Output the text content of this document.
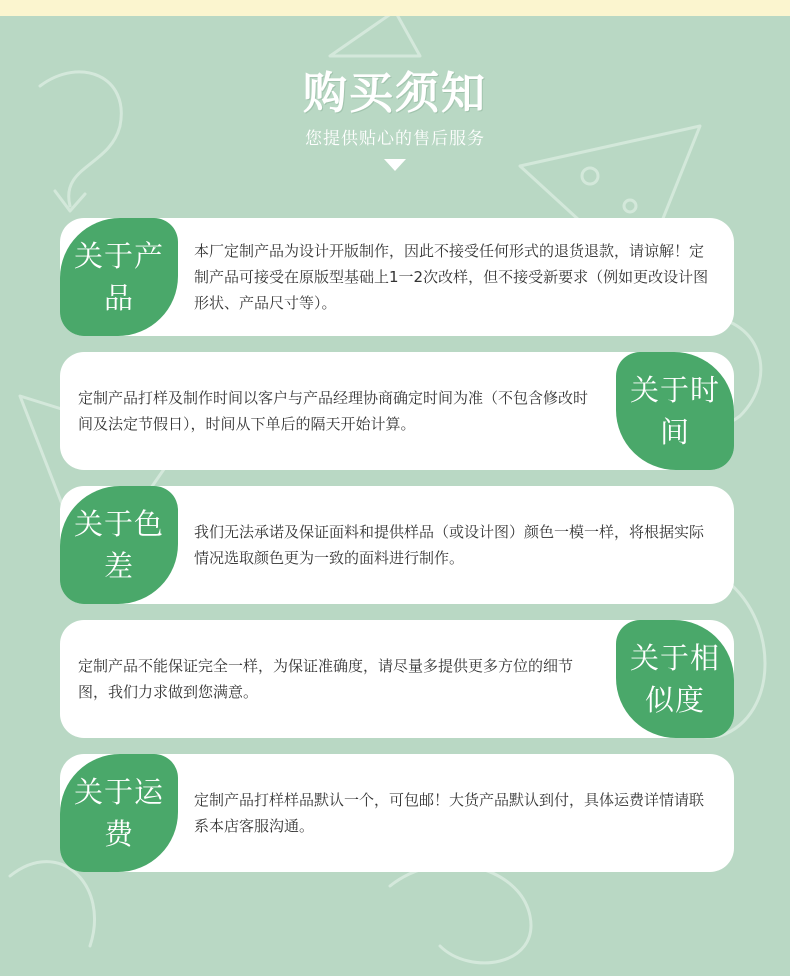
购买须知
您提供贴心的售后服务
关于产品
本厂定制产品为设计开版制作，因此不接受任何形式的退货退款，请谅解！定制产品可接受在原版型基础上1一2次改样，但不接受新要求（例如更改设计图形状、产品尺寸等）。
定制产品打样及制作时间以客户与产品经理协商确定时间为准（不包含修改时间及法定节假日），时间从下单后的隔天开始计算。
关于时间
关于色差
我们无法承诺及保证面料和提供样品（或设计图）颜色一模一样，将根据实际情况选取颜色更为一致的面料进行制作。
定制产品不能保证完全一样，为保证准确度，请尽量多提供更多方位的细节图，我们力求做到您满意。
关于相似度
关于运费
定制产品打样样品默认一个，可包邮！大货产品默认到付，具体运费详情请联系本店客服沟通。
